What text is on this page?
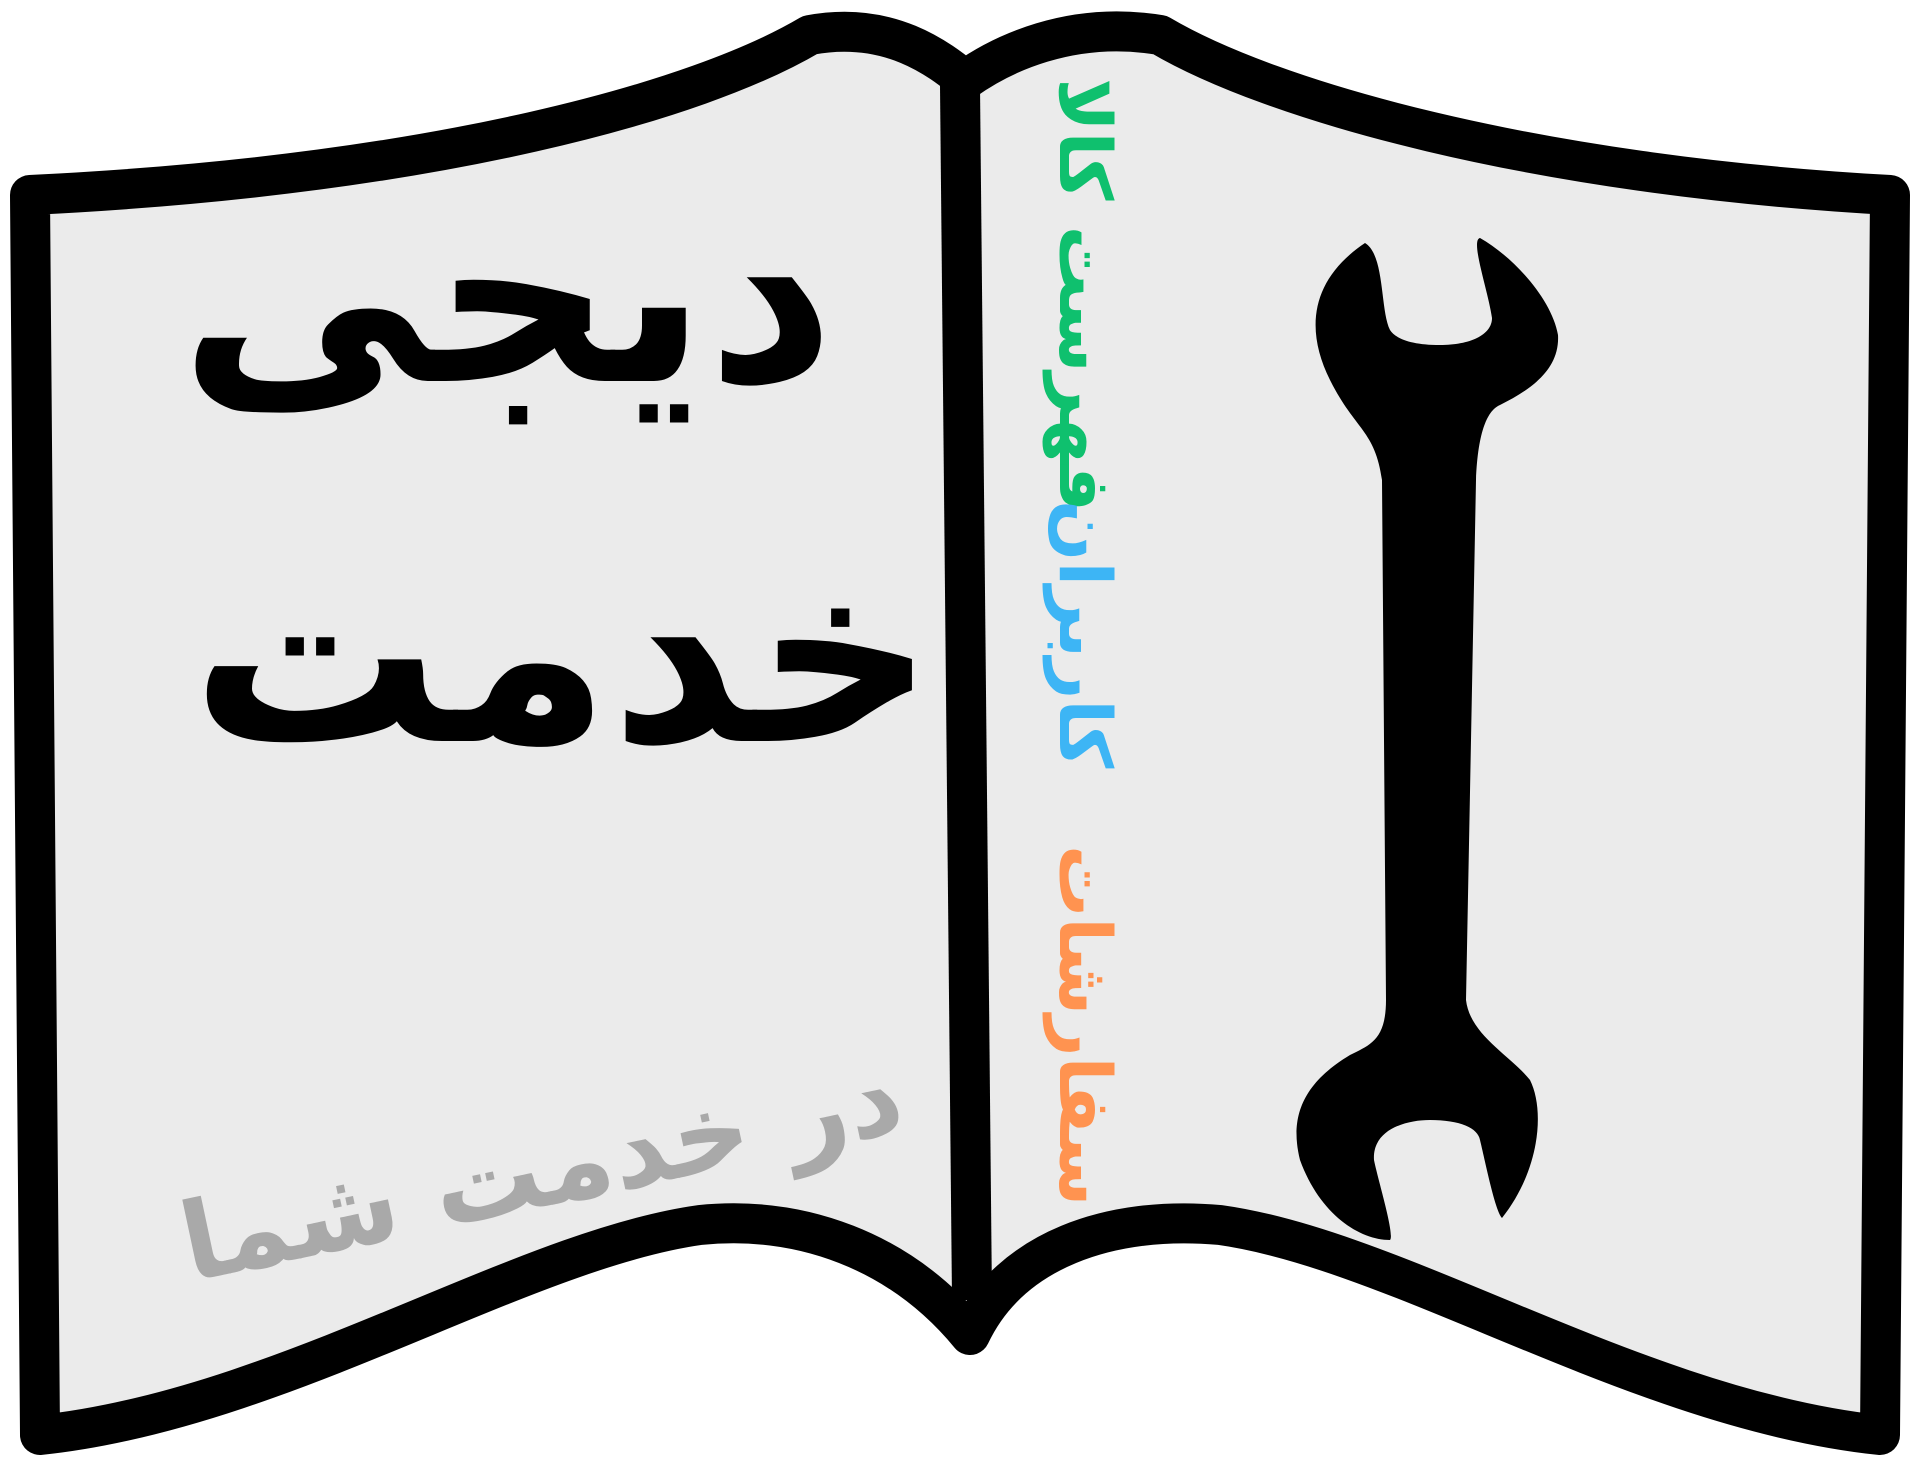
دیجی
خدمت
در خدمت شما
فهرست کالا
کاربران
سفارشات
